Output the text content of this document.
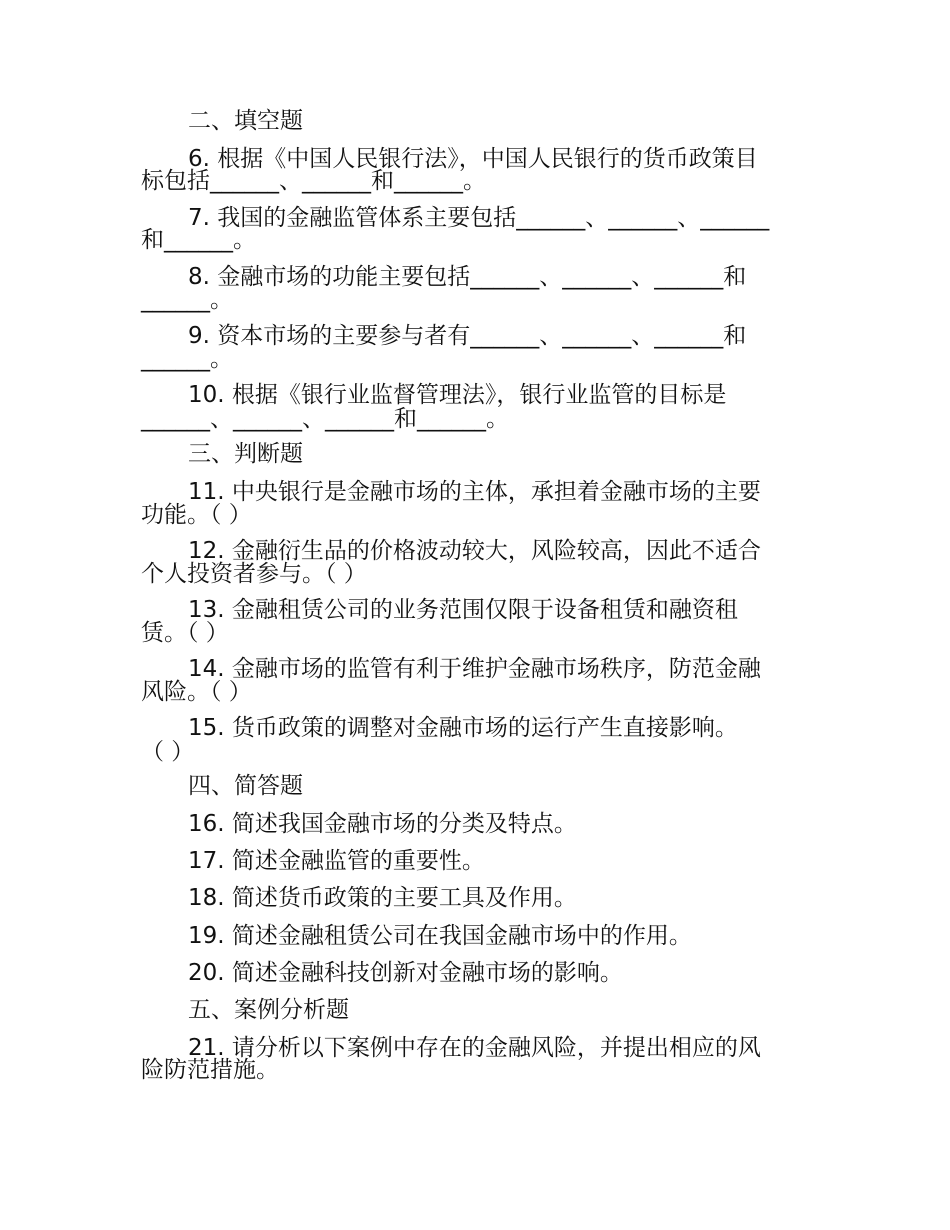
二、填空题
6. 根据《中国人民银行法》，中国人民银行的货币政策目
标包括______、______和______。
7. 我国的金融监管体系主要包括______、______、______
和______。
8. 金融市场的功能主要包括______、______、______和
______。
9. 资本市场的主要参与者有______、______、______和
______。
10. 根据《银行业监督管理法》，银行业监管的目标是
______、______、______和______。
三、判断题
11. 中央银行是金融市场的主体，承担着金融市场的主要
功能。（ ）
12. 金融衍生品的价格波动较大，风险较高，因此不适合
个人投资者参与。（ ）
13. 金融租赁公司的业务范围仅限于设备租赁和融资租
赁。（ ）
14. 金融市场的监管有利于维护金融市场秩序，防范金融
风险。（ ）
15. 货币政策的调整对金融市场的运行产生直接影响。
（ ）
四、简答题
16. 简述我国金融市场的分类及特点。
17. 简述金融监管的重要性。
18. 简述货币政策的主要工具及作用。
19. 简述金融租赁公司在我国金融市场中的作用。
20. 简述金融科技创新对金融市场的影响。
五、案例分析题
21. 请分析以下案例中存在的金融风险，并提出相应的风
险防范措施。
